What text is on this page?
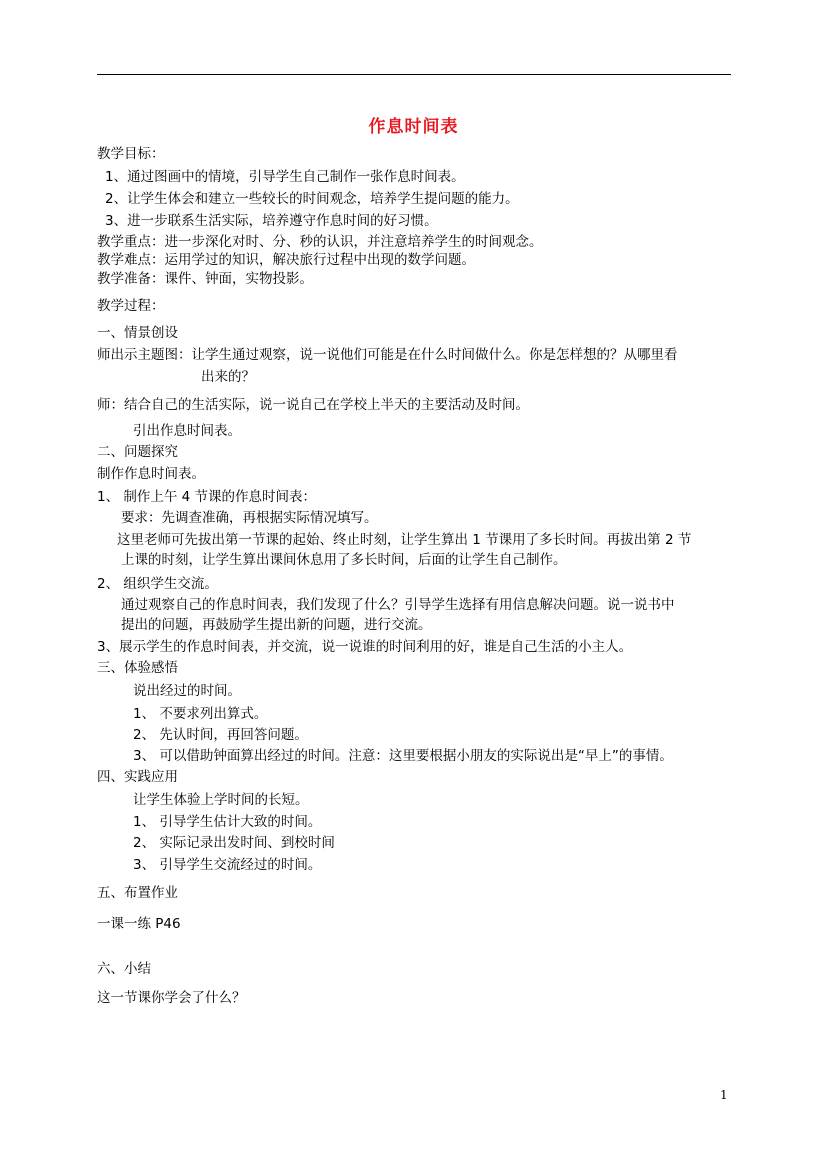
作息时间表
教学目标：
1、通过图画中的情境，引导学生自己制作一张作息时间表。
2、让学生体会和建立一些较长的时间观念，培养学生提问题的能力。
3、进一步联系生活实际，培养遵守作息时间的好习惯。
教学重点：进一步深化对时、分、秒的认识，并注意培养学生的时间观念。
教学难点：运用学过的知识，解决旅行过程中出现的数学问题。
教学准备：课件、钟面，实物投影。
教学过程：
一、情景创设
师出示主题图：让学生通过观察，说一说他们可能是在什么时间做什么。你是怎样想的？从哪里看
出来的？
师：结合自己的生活实际，说一说自己在学校上半天的主要活动及时间。
引出作息时间表。
二、问题探究
制作作息时间表。
1、 制作上午 4 节课的作息时间表：
要求：先调查准确，再根据实际情况填写。
这里老师可先拔出第一节课的起始、终止时刻，让学生算出 1 节课用了多长时间。再拔出第 2 节
上课的时刻，让学生算出课间休息用了多长时间，后面的让学生自己制作。
2、 组织学生交流。
通过观察自己的作息时间表，我们发现了什么？引导学生选择有用信息解决问题。说一说书中
提出的问题，再鼓励学生提出新的问题，进行交流。
3、展示学生的作息时间表，并交流，说一说谁的时间利用的好，谁是自己生活的小主人。
三、体验感悟
说出经过的时间。
1、 不要求列出算式。
2、 先认时间，再回答问题。
3、 可以借助钟面算出经过的时间。注意：这里要根据小朋友的实际说出是“早上”的事情。
四、实践应用
让学生体验上学时间的长短。
1、 引导学生估计大致的时间。
2、 实际记录出发时间、到校时间
3、 引导学生交流经过的时间。
五、布置作业
一课一练 P46
六、小结
这一节课你学会了什么？
1
